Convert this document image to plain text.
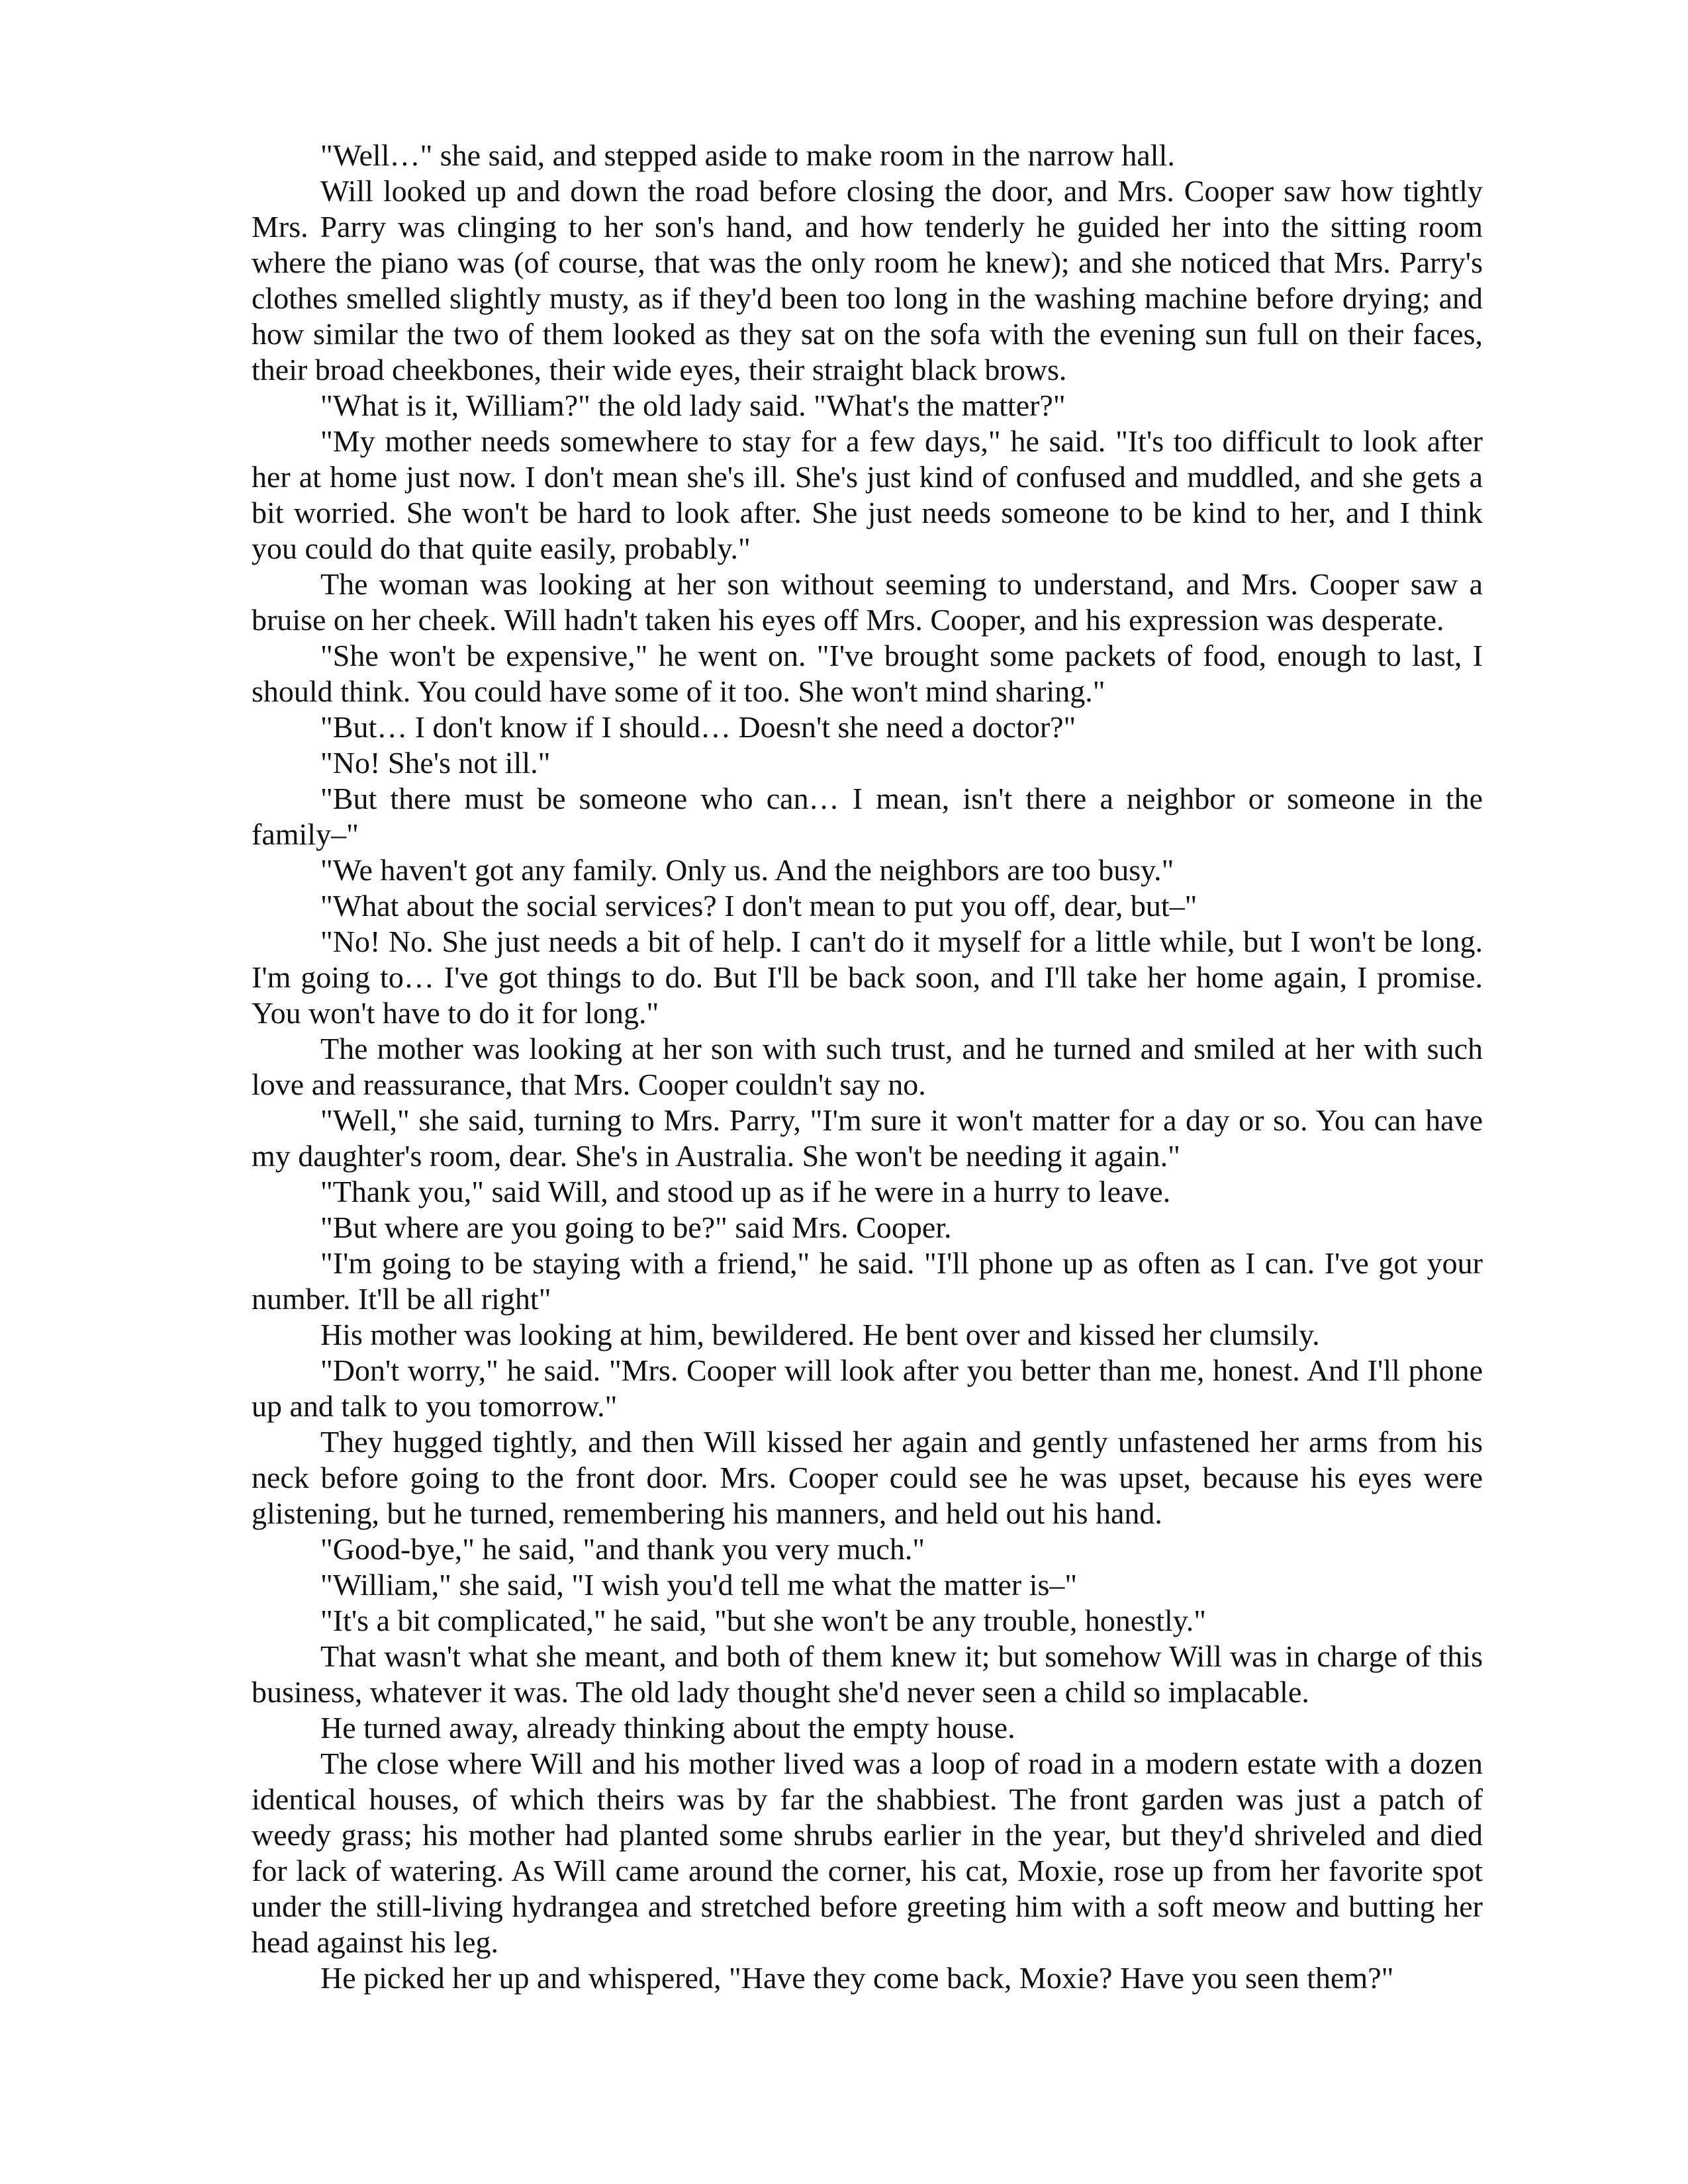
"Well…" she said, and stepped aside to make room in the narrow hall.

Will looked up and down the road before closing the door, and Mrs. Cooper saw how tightly Mrs. Parry was clinging to her son's hand, and how tenderly he guided her into the sitting room where the piano was (of course, that was the only room he knew); and she noticed that Mrs. Parry's clothes smelled slightly musty, as if they'd been too long in the washing machine before drying; and how similar the two of them looked as they sat on the sofa with the evening sun full on their faces, their broad cheekbones, their wide eyes, their straight black brows.

"What is it, William?" the old lady said. "What's the matter?"

"My mother needs somewhere to stay for a few days," he said. "It's too difficult to look after her at home just now. I don't mean she's ill. She's just kind of confused and muddled, and she gets a bit worried. She won't be hard to look after. She just needs someone to be kind to her, and I think you could do that quite easily, probably."

The woman was looking at her son without seeming to understand, and Mrs. Cooper saw a bruise on her cheek. Will hadn't taken his eyes off Mrs. Cooper, and his expression was desperate.

"She won't be expensive," he went on. "I've brought some packets of food, enough to last, I should think. You could have some of it too. She won't mind sharing."

"But… I don't know if I should… Doesn't she need a doctor?"

"No! She's not ill."

"But there must be someone who can… I mean, isn't there a neighbor or someone in the family–"

"We haven't got any family. Only us. And the neighbors are too busy."

"What about the social services? I don't mean to put you off, dear, but–"

"No! No. She just needs a bit of help. I can't do it myself for a little while, but I won't be long. I'm going to… I've got things to do. But I'll be back soon, and I'll take her home again, I promise. You won't have to do it for long."

The mother was looking at her son with such trust, and he turned and smiled at her with such love and reassurance, that Mrs. Cooper couldn't say no.

"Well," she said, turning to Mrs. Parry, "I'm sure it won't matter for a day or so. You can have my daughter's room, dear. She's in Australia. She won't be needing it again."

"Thank you," said Will, and stood up as if he were in a hurry to leave.

"But where are you going to be?" said Mrs. Cooper.

"I'm going to be staying with a friend," he said. "I'll phone up as often as I can. I've got your number. It'll be all right"

His mother was looking at him, bewildered. He bent over and kissed her clumsily.

"Don't worry," he said. "Mrs. Cooper will look after you better than me, honest. And I'll phone up and talk to you tomorrow."

They hugged tightly, and then Will kissed her again and gently unfastened her arms from his neck before going to the front door. Mrs. Cooper could see he was upset, because his eyes were glistening, but he turned, remembering his manners, and held out his hand.

"Good-bye," he said, "and thank you very much."

"William," she said, "I wish you'd tell me what the matter is–"

"It's a bit complicated," he said, "but she won't be any trouble, honestly."

That wasn't what she meant, and both of them knew it; but somehow Will was in charge of this business, whatever it was. The old lady thought she'd never seen a child so implacable.

He turned away, already thinking about the empty house.

The close where Will and his mother lived was a loop of road in a modern estate with a dozen identical houses, of which theirs was by far the shabbiest. The front garden was just a patch of weedy grass; his mother had planted some shrubs earlier in the year, but they'd shriveled and died for lack of watering. As Will came around the corner, his cat, Moxie, rose up from her favorite spot under the still-living hydrangea and stretched before greeting him with a soft meow and butting her head against his leg.

He picked her up and whispered, "Have they come back, Moxie? Have you seen them?"
